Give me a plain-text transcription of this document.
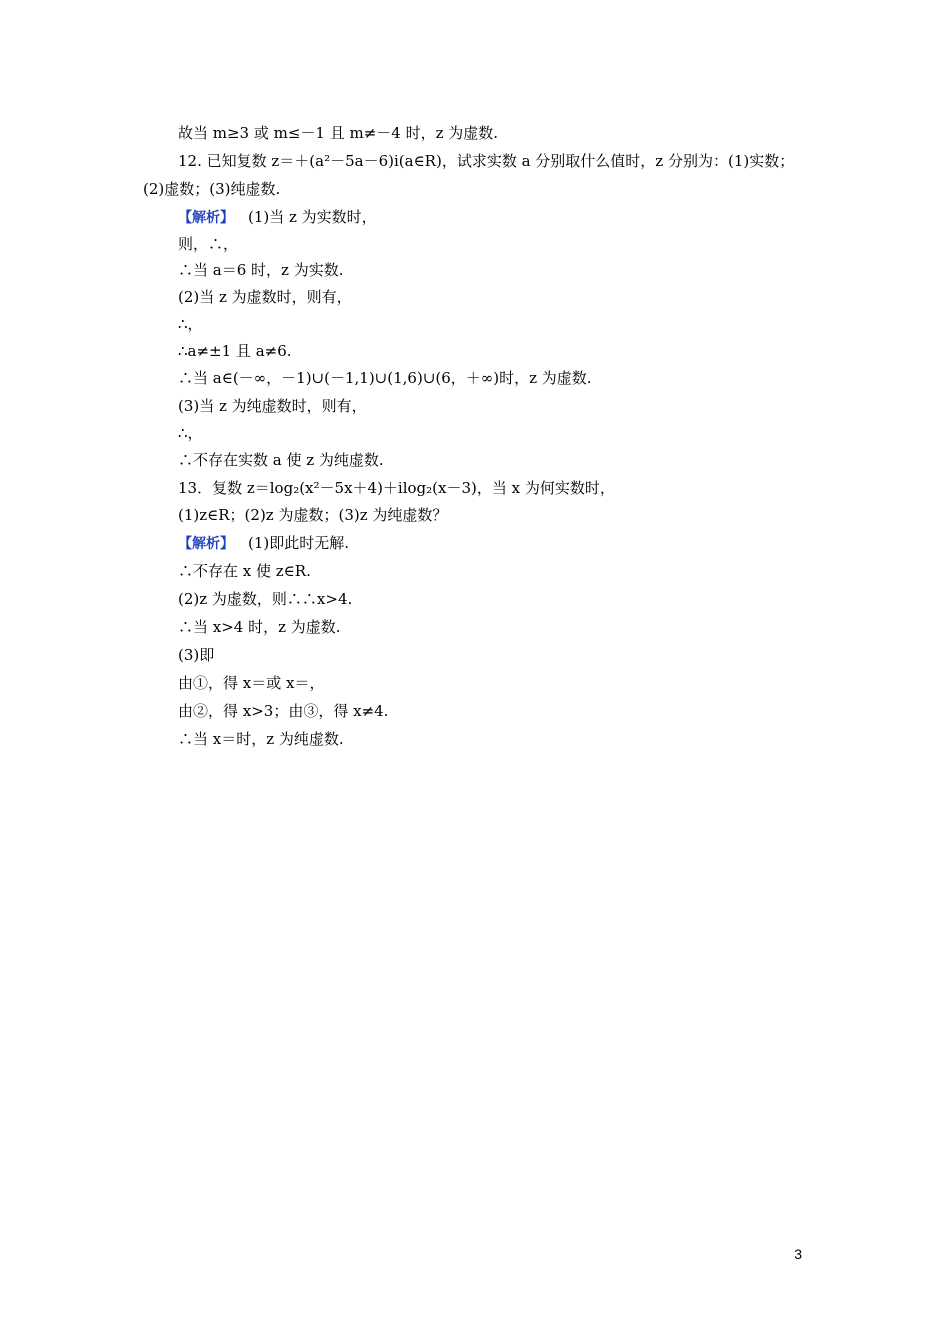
故当 m≥3 或 m≤－1 且 m≠－4 时，z 为虚数.
12. 已知复数 z＝＋(a²－5a－6)i(a∈R)，试求实数 a 分别取什么值时，z 分别为：(1)实数；
(2)虚数；(3)纯虚数.
【解析】 (1)当 z 为实数时，
则，∴，
∴当 a＝6 时，z 为实数.
(2)当 z 为虚数时，则有，
∴，
∴a≠±1 且 a≠6.
∴当 a∈(－∞，－1)∪(－1,1)∪(1,6)∪(6，＋∞)时，z 为虚数.
(3)当 z 为纯虚数时，则有，
∴，
∴不存在实数 a 使 z 为纯虚数.
13．复数 z＝log₂(x²－5x＋4)＋ilog₂(x－3)，当 x 为何实数时，
(1)z∈R；(2)z 为虚数；(3)z 为纯虚数？
【解析】 (1)即此时无解.
∴不存在 x 使 z∈R.
(2)z 为虚数，则∴∴x>4.
∴当 x>4 时，z 为虚数.
(3)即
由①，得 x＝或 x＝，
由②，得 x>3；由③，得 x≠4.
∴当 x＝时，z 为纯虚数.
3
